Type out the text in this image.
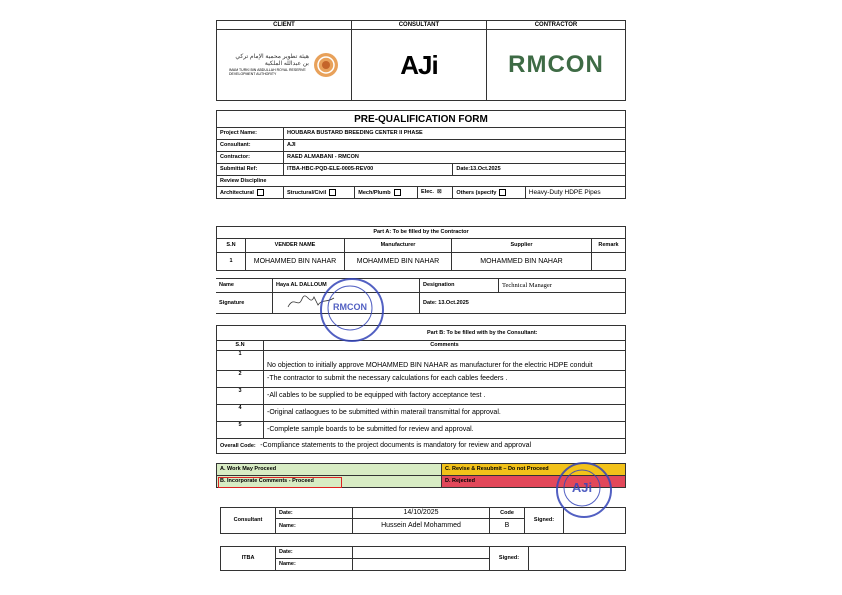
CLIENT	CONSULTANT	CONTRACTOR

هيئة تطوير محمية الإمام تركي بن عبدالله الملكية
IMAM TURKI BIN ABDULLAH ROYAL RESERVE DEVELOPMENT AUTHORITY	AJi	RMCON
PRE-QUALIFICATION FORM					
Project Name:	HOUBARA BUSTARD BREEDING CENTER II PHASE				
Consultant:	AJI				
Contractor:	RAED ALMABANI - RMCON				
Submittal Ref:	ITBA-HBC-PQD-ELE-0005-REV00			Date:13.Oct.2025	
Review Discipline					
Architectural	Structural/Civil	Mech/Plumb	Elec. ☒	Others (specify	Heavy-Duty HDPE Pipes
Part A: To be filled by the Contractor				
S.N	VENDER NAME	Manufacturer	Supplier	Remark
1	MOHAMMED BIN NAHAR	MOHAMMED BIN NAHAR	MOHAMMED BIN NAHAR	
Name	Haya AL DALLOUM	Designation	Technical Manager
Signature		Date: 13.Oct.2025	
Part B: To be filled with by the Consultant:	
S.N	Comments
1	No objection to initially approve MOHAMMED BIN NAHAR as manufacturer for the electric HDPE conduit
2	-The contractor to submit the necessary calculations for each cables feeders .
3	-All cables to be supplied to be equipped with factory acceptance test .
4	-Original catlaogues to be submitted within materail transmittal for approval.
5	-Complete sample boards to be submitted for review and approval.
Overall Code: -Compliance statements to the project documents is mandatory for review and approval	
A. Work May Proceed	C. Revise & Resubmit – Do not Proceed
B. Incorporate Comments - Proceed	D. Rejected
Consultant	Date:	14/10/2025	Code	Signed:	
	Name:	Hussein Adel Mohammed	B		
ITBA	Date:		Signed:	
	Name:			
RMCON
AJi
